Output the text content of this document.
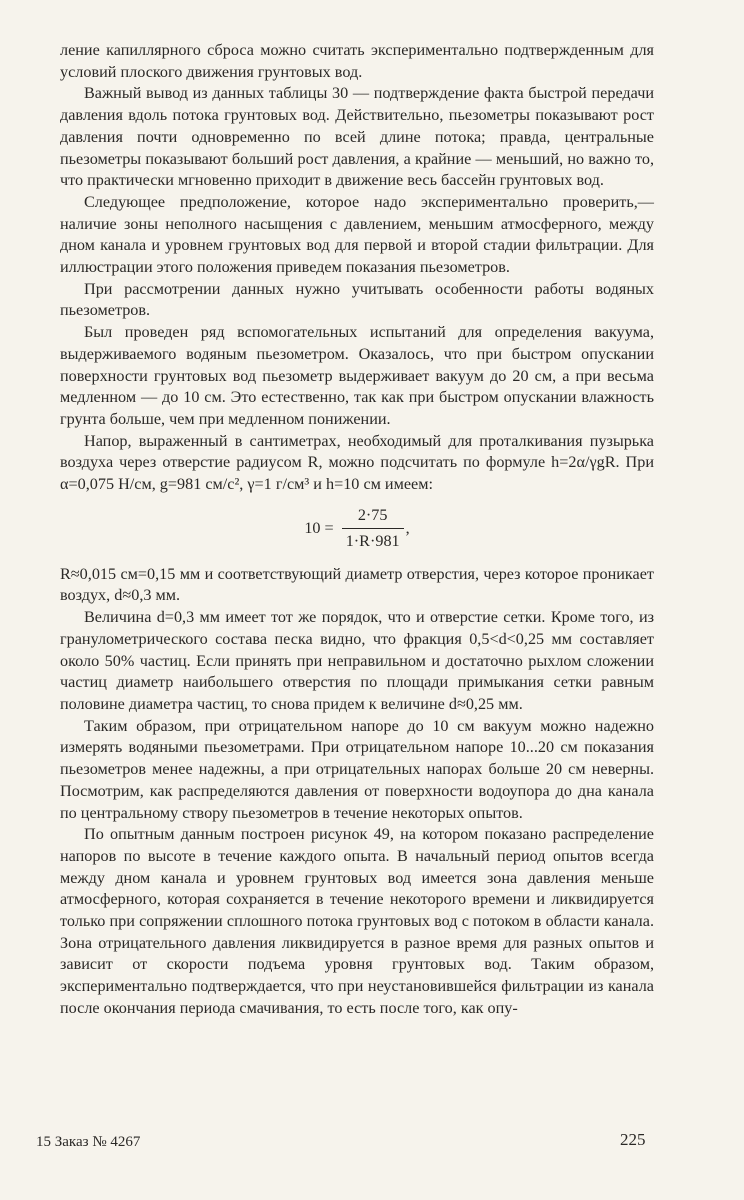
ление капиллярного сброса можно считать экспериментально подтвержденным для условий плоского движения грунтовых вод.

Важный вывод из данных таблицы 30 — подтверждение факта быстрой передачи давления вдоль потока грунтовых вод. Действительно, пьезометры показывают рост давления почти одновременно по всей длине потока; правда, центральные пьезометры показывают больший рост давления, а крайние — меньший, но важно то, что практически мгновенно приходит в движение весь бассейн грунтовых вод.

Следующее предположение, которое надо экспериментально проверить,— наличие зоны неполного насыщения с давлением, меньшим атмосферного, между дном канала и уровнем грунтовых вод для первой и второй стадии фильтрации. Для иллюстрации этого положения приведем показания пьезометров.

При рассмотрении данных нужно учитывать особенности работы водяных пьезометров.

Был проведен ряд вспомогательных испытаний для определения вакуума, выдерживаемого водяным пьезометром. Оказалось, что при быстром опускании поверхности грунтовых вод пьезометр выдерживает вакуум до 20 см, а при весьма медленном — до 10 см. Это естественно, так как при быстром опускании влажность грунта больше, чем при медленном понижении.

Напор, выраженный в сантиметрах, необходимый для проталкивания пузырька воздуха через отверстие радиусом R, можно подсчитать по формуле h=2α/γgR. При α=0,075 Н/см, g=981 см/с², γ=1 г/см³ и h=10 см имеем:

$10 = \frac{2\cdot 75}{1\cdot R\cdot 981}$ ,

R≈0,015 см=0,15 мм и соответствующий диаметр отверстия, через которое проникает воздух, d≈0,3 мм.

Величина d=0,3 мм имеет тот же порядок, что и отверстие сетки. Кроме того, из гранулометрического состава песка видно, что фракция 0,5<d<0,25 мм составляет около 50% частиц. Если принять при неправильном и достаточно рыхлом сложении частиц диаметр наибольшего отверстия по площади примыкания сетки равным половине диаметра частиц, то снова придем к величине d≈0,25 мм.

Таким образом, при отрицательном напоре до 10 см вакуум можно надежно измерять водяными пьезометрами. При отрицательном напоре 10...20 см показания пьезометров менее надежны, а при отрицательных напорах больше 20 см неверны. Посмотрим, как распределяются давления от поверхности водоупора до дна канала по центральному створу пьезометров в течение некоторых опытов.

По опытным данным построен рисунок 49, на котором показано распределение напоров по высоте в течение каждого опыта. В начальный период опытов всегда между дном канала и уровнем грунтовых вод имеется зона давления меньше атмосферного, которая сохраняется в течение некоторого времени и ликвидируется только при сопряжении сплошного потока грунтовых вод с потоком в области канала. Зона отрицательного давления ликвидируется в разное время для разных опытов и зависит от скорости подъема уровня грунтовых вод. Таким образом, экспериментально подтверждается, что при неустановившейся фильтрации из канала после окончания периода смачивания, то есть после того, как опу-

15 Заказ № 4267	225
